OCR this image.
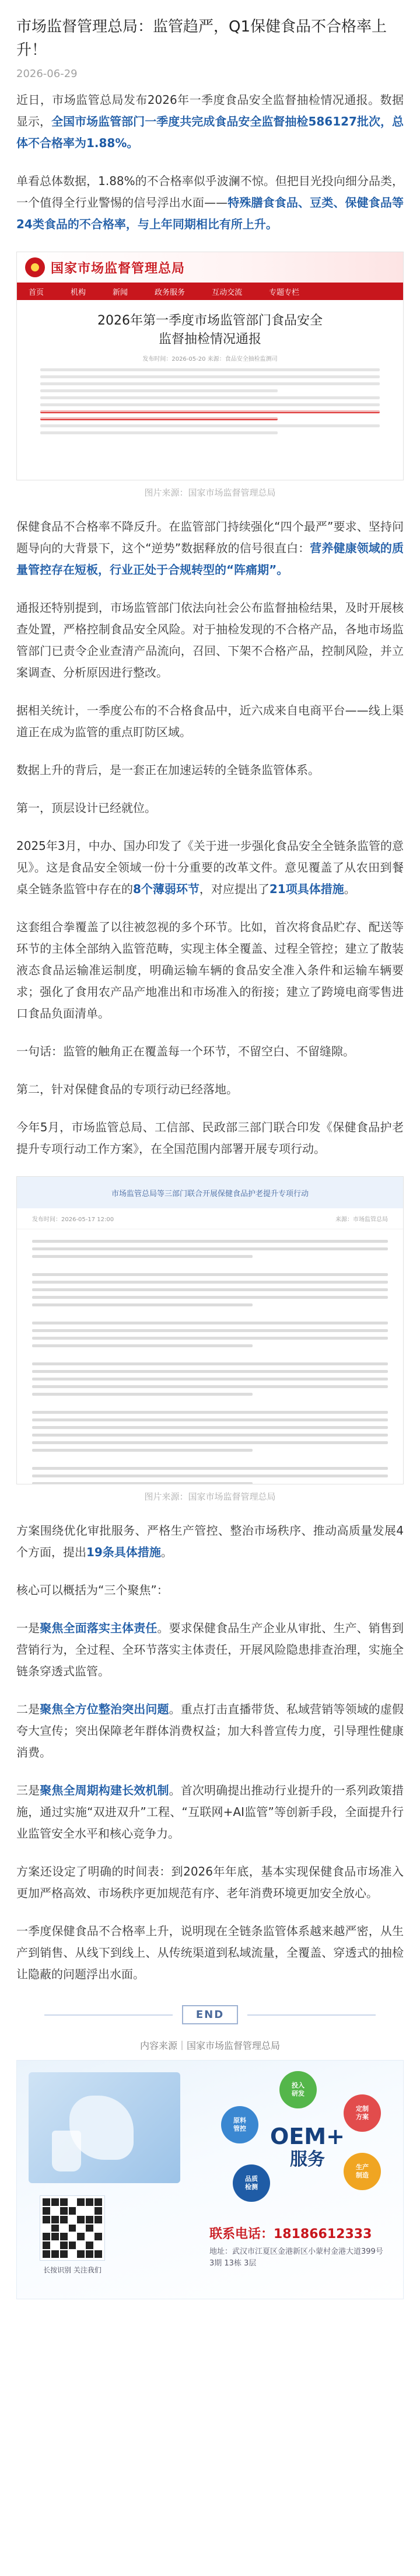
市场监督管理总局：监管趋严，Q1保健食品不合格率上升！
2026-06-29

近日，市场监管总局发布2026年一季度食品安全监督抽检情况通报。数据显示，全国市场监管部门一季度共完成食品安全监督抽检586127批次，总体不合格率为1.88%。

单看总体数据，1.88%的不合格率似乎波澜不惊。但把目光投向细分品类，一个值得全行业警惕的信号浮出水面——特殊膳食食品、豆类、保健食品等24类食品的不合格率，与上年同期相比有所上升。

国家市场监督管理总局
首页	机构	新闻	政务服务	互动交流	专题专栏
2026年第一季度市场监管部门食品安全
监督抽检情况通报
发布时间：2026-05-20 来源：食品安全抽检监测司
图片来源：国家市场监督管理总局

保健食品不合格率不降反升。在监管部门持续强化“四个最严”要求、坚持问题导向的大背景下，这个“逆势”数据释放的信号很直白：营养健康领域的质量管控存在短板，行业正处于合规转型的“阵痛期”。

通报还特别提到，市场监管部门依法向社会公布监督抽检结果，及时开展核查处置，严格控制食品安全风险。对于抽检发现的不合格产品，各地市场监管部门已责令企业查清产品流向，召回、下架不合格产品，控制风险，并立案调查、分析原因进行整改。

据相关统计，一季度公布的不合格食品中，近六成来自电商平台——线上渠道正在成为监管的重点盯防区域。

数据上升的背后，是一套正在加速运转的全链条监管体系。

第一，顶层设计已经就位。

2025年3月，中办、国办印发了《关于进一步强化食品安全全链条监管的意见》。这是食品安全领域一份十分重要的改革文件。意见覆盖了从农田到餐桌全链条监管中存在的8个薄弱环节，对应提出了21项具体措施。

这套组合拳覆盖了以往被忽视的多个环节。比如，首次将食品贮存、配送等环节的主体全部纳入监管范畴，实现主体全覆盖、过程全管控；建立了散装液态食品运输准运制度，明确运输车辆的食品安全准入条件和运输车辆要求；强化了食用农产品产地准出和市场准入的衔接；建立了跨境电商零售进口食品负面清单。

一句话：监管的触角正在覆盖每一个环节，不留空白、不留缝隙。

第二，针对保健食品的专项行动已经落地。

今年5月，市场监管总局、工信部、民政部三部门联合印发《保健食品护老提升专项行动工作方案》，在全国范围内部署开展专项行动。

市场监管总局等三部门联合开展保健食品护老提升专项行动
发布时间：2026-05-17 12:00	来源：市场监管总局
图片来源：国家市场监督管理总局

方案围绕优化审批服务、严格生产管控、整治市场秩序、推动高质量发展4个方面，提出19条具体措施。

核心可以概括为“三个聚焦”：

一是聚焦全面落实主体责任。要求保健食品生产企业从审批、生产、销售到营销行为，全过程、全环节落实主体责任，开展风险隐患排查治理，实施全链条穿透式监管。

二是聚焦全方位整治突出问题。重点打击直播带货、私域营销等领域的虚假夸大宣传；突出保障老年群体消费权益；加大科普宣传力度，引导理性健康消费。

三是聚焦全周期构建长效机制。首次明确提出推动行业提升的一系列政策措施，通过实施“双进双升”工程、“互联网+AI监管”等创新手段，全面提升行业监管安全水平和核心竞争力。

方案还设定了明确的时间表：到2026年年底，基本实现保健食品市场准入更加严格高效、市场秩序更加规范有序、老年消费环境更加安全放心。

一季度保健食品不合格率上升，说明现在全链条监管体系越来越严密，从生产到销售、从线下到线上、从传统渠道到私域流量，全覆盖、穿透式的抽检让隐蔽的问题浮出水面。

END
内容来源｜国家市场监督管理总局
长按识别 关注我们
投入
研发
定制
方案
原料
管控
生产
制造
品质
检测
OEM+
服务
联系电话：18186612333
地址：武汉市江夏区金港新区小蒙村金港大道399号 3期 13栋 3层
